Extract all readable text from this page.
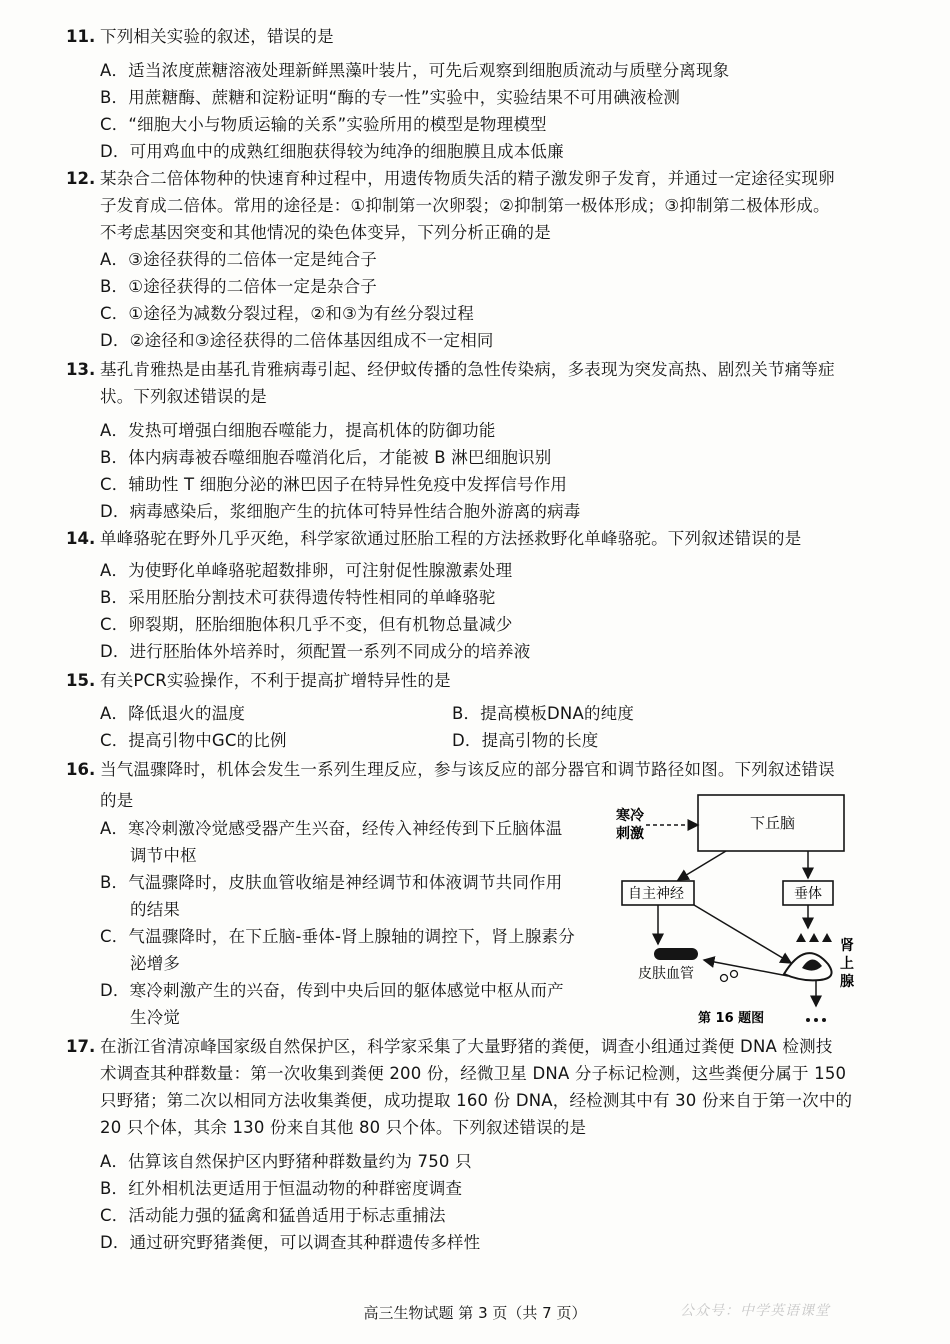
11. 下列相关实验的叙述，错误的是
A．适当浓度蔗糖溶液处理新鲜黑藻叶装片，可先后观察到细胞质流动与质壁分离现象
B．用蔗糖酶、蔗糖和淀粉证明“酶的专一性”实验中，实验结果不可用碘液检测
C．“细胞大小与物质运输的关系”实验所用的模型是物理模型
D．可用鸡血中的成熟红细胞获得较为纯净的细胞膜且成本低廉
12. 某杂合二倍体物种的快速育种过程中，用遗传物质失活的精子激发卵子发育，并通过一定途径实现卵
子发育成二倍体。常用的途径是：①抑制第一次卵裂；②抑制第一极体形成；③抑制第二极体形成。
不考虑基因突变和其他情况的染色体变异，下列分析正确的是
A．③途径获得的二倍体一定是纯合子
B．①途径获得的二倍体一定是杂合子
C．①途径为减数分裂过程，②和③为有丝分裂过程
D．②途径和③途径获得的二倍体基因组成不一定相同
13. 基孔肯雅热是由基孔肯雅病毒引起、经伊蚊传播的急性传染病，多表现为突发高热、剧烈关节痛等症
状。下列叙述错误的是
A．发热可增强白细胞吞噬能力，提高机体的防御功能
B．体内病毒被吞噬细胞吞噬消化后，才能被 B 淋巴细胞识别
C．辅助性 T 细胞分泌的淋巴因子在特异性免疫中发挥信号作用
D．病毒感染后，浆细胞产生的抗体可特异性结合胞外游离的病毒
14. 单峰骆驼在野外几乎灭绝，科学家欲通过胚胎工程的方法拯救野化单峰骆驼。下列叙述错误的是
A．为使野化单峰骆驼超数排卵，可注射促性腺激素处理
B．采用胚胎分割技术可获得遗传特性相同的单峰骆驼
C．卵裂期，胚胎细胞体积几乎不变，但有机物总量减少
D．进行胚胎体外培养时，须配置一系列不同成分的培养液
15. 有关PCR实验操作，不利于提高扩增特异性的是
A．降低退火的温度	B．提高模板DNA的纯度
C．提高引物中GC的比例	D．提高引物的长度
16. 当气温骤降时，机体会发生一系列生理反应，参与该反应的部分器官和调节路径如图。下列叙述错误
的是
A．寒冷刺激冷觉感受器产生兴奋，经传入神经传到下丘脑体温
调节中枢
B．气温骤降时，皮肤血管收缩是神经调节和体液调节共同作用
的结果
C．气温骤降时，在下丘脑-垂体-肾上腺轴的调控下，肾上腺素分
泌增多
D．寒冷刺激产生的兴奋，传到中央后回的躯体感觉中枢从而产
生冷觉
寒冷
刺激
下丘脑
自主神经	垂体
皮肤血管
肾
上
腺
第 16 题图
17. 在浙江省清凉峰国家级自然保护区，科学家采集了大量野猪的粪便，调查小组通过粪便 DNA 检测技
术调查其种群数量：第一次收集到粪便 200 份，经微卫星 DNA 分子标记检测，这些粪便分属于 150
只野猪；第二次以相同方法收集粪便，成功提取 160 份 DNA，经检测其中有 30 份来自于第一次中的
20 只个体，其余 130 份来自其他 80 只个体。下列叙述错误的是
A．估算该自然保护区内野猪种群数量约为 750 只
B．红外相机法更适用于恒温动物的种群密度调查
C．活动能力强的猛禽和猛兽适用于标志重捕法
D．通过研究野猪粪便，可以调查其种群遗传多样性
高三生物试题 第 3 页（共 7 页）	公众号：中学英语课堂
